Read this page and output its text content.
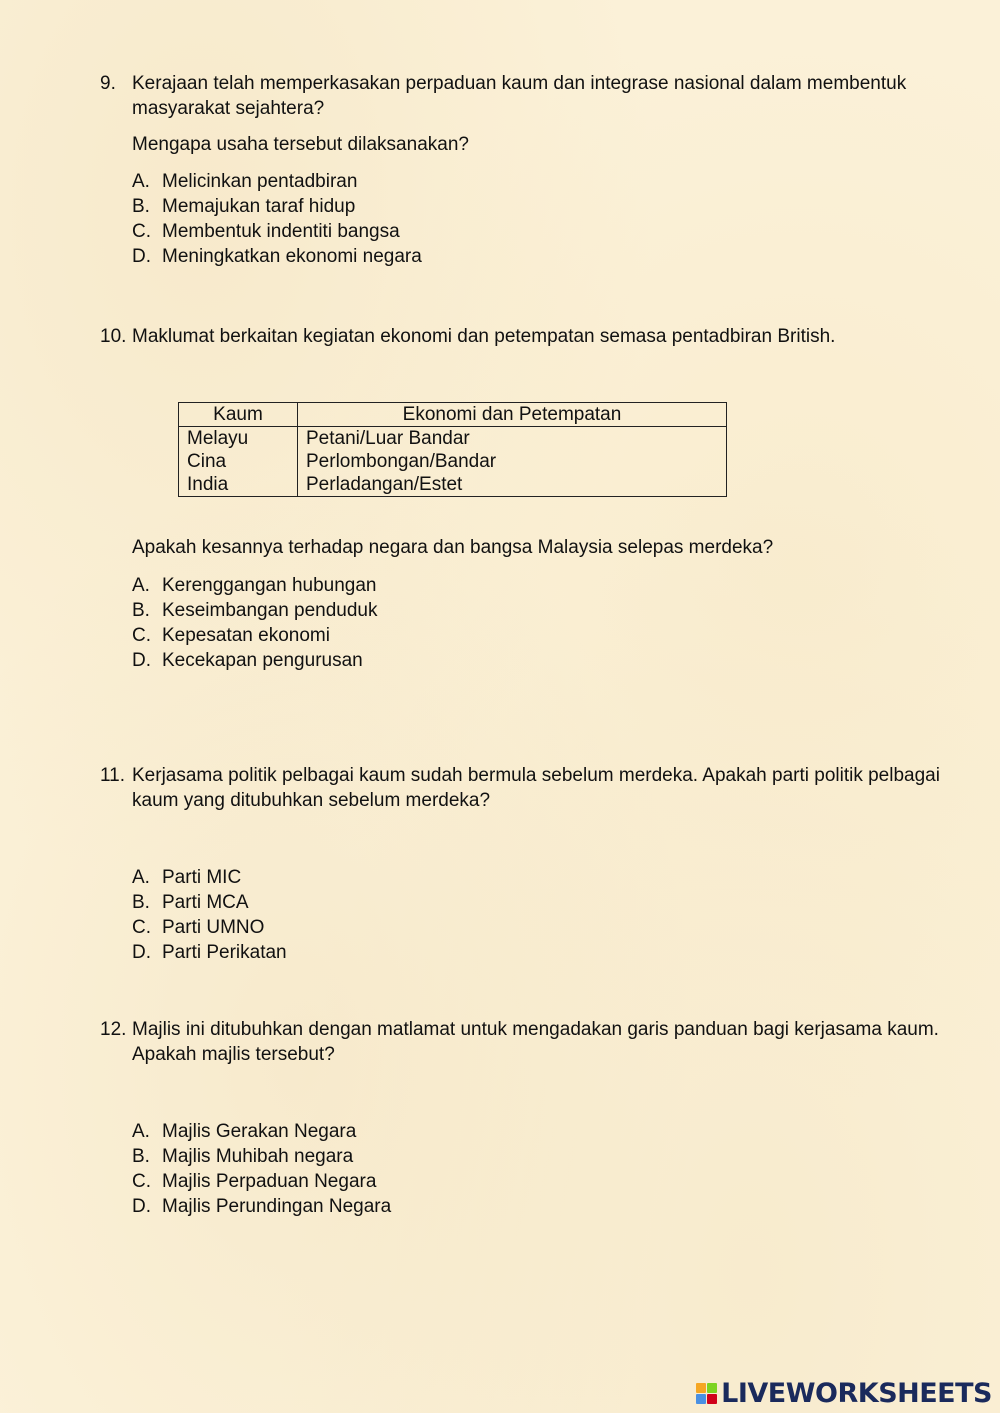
9. Kerajaan telah memperkasakan perpaduan kaum dan integrase nasional dalam membentuk masyarakat sejahtera?
Mengapa usaha tersebut dilaksanakan?
A. Melicinkan pentadbiran
B. Memajukan taraf hidup
C. Membentuk indentiti bangsa
D. Meningkatkan ekonomi negara
10. Maklumat berkaitan kegiatan ekonomi dan petempatan semasa pentadbiran British.
Kaum	Ekonomi dan Petempatan
Melayu	Petani/Luar Bandar
Cina	Perlombongan/Bandar
India	Perladangan/Estet
Apakah kesannya terhadap negara dan bangsa Malaysia selepas merdeka?
A. Kerenggangan hubungan
B. Keseimbangan penduduk
C. Kepesatan ekonomi
D. Kecekapan pengurusan
11. Kerjasama politik pelbagai kaum sudah bermula sebelum merdeka. Apakah parti politik pelbagai kaum yang ditubuhkan sebelum merdeka?
A. Parti MIC
B. Parti MCA
C. Parti UMNO
D. Parti Perikatan
12. Majlis ini ditubuhkan dengan matlamat untuk mengadakan garis panduan bagi kerjasama kaum. Apakah majlis tersebut?
A. Majlis Gerakan Negara
B. Majlis Muhibah negara
C. Majlis Perpaduan Negara
D. Majlis Perundingan Negara
LIVEWORKSHEETS
